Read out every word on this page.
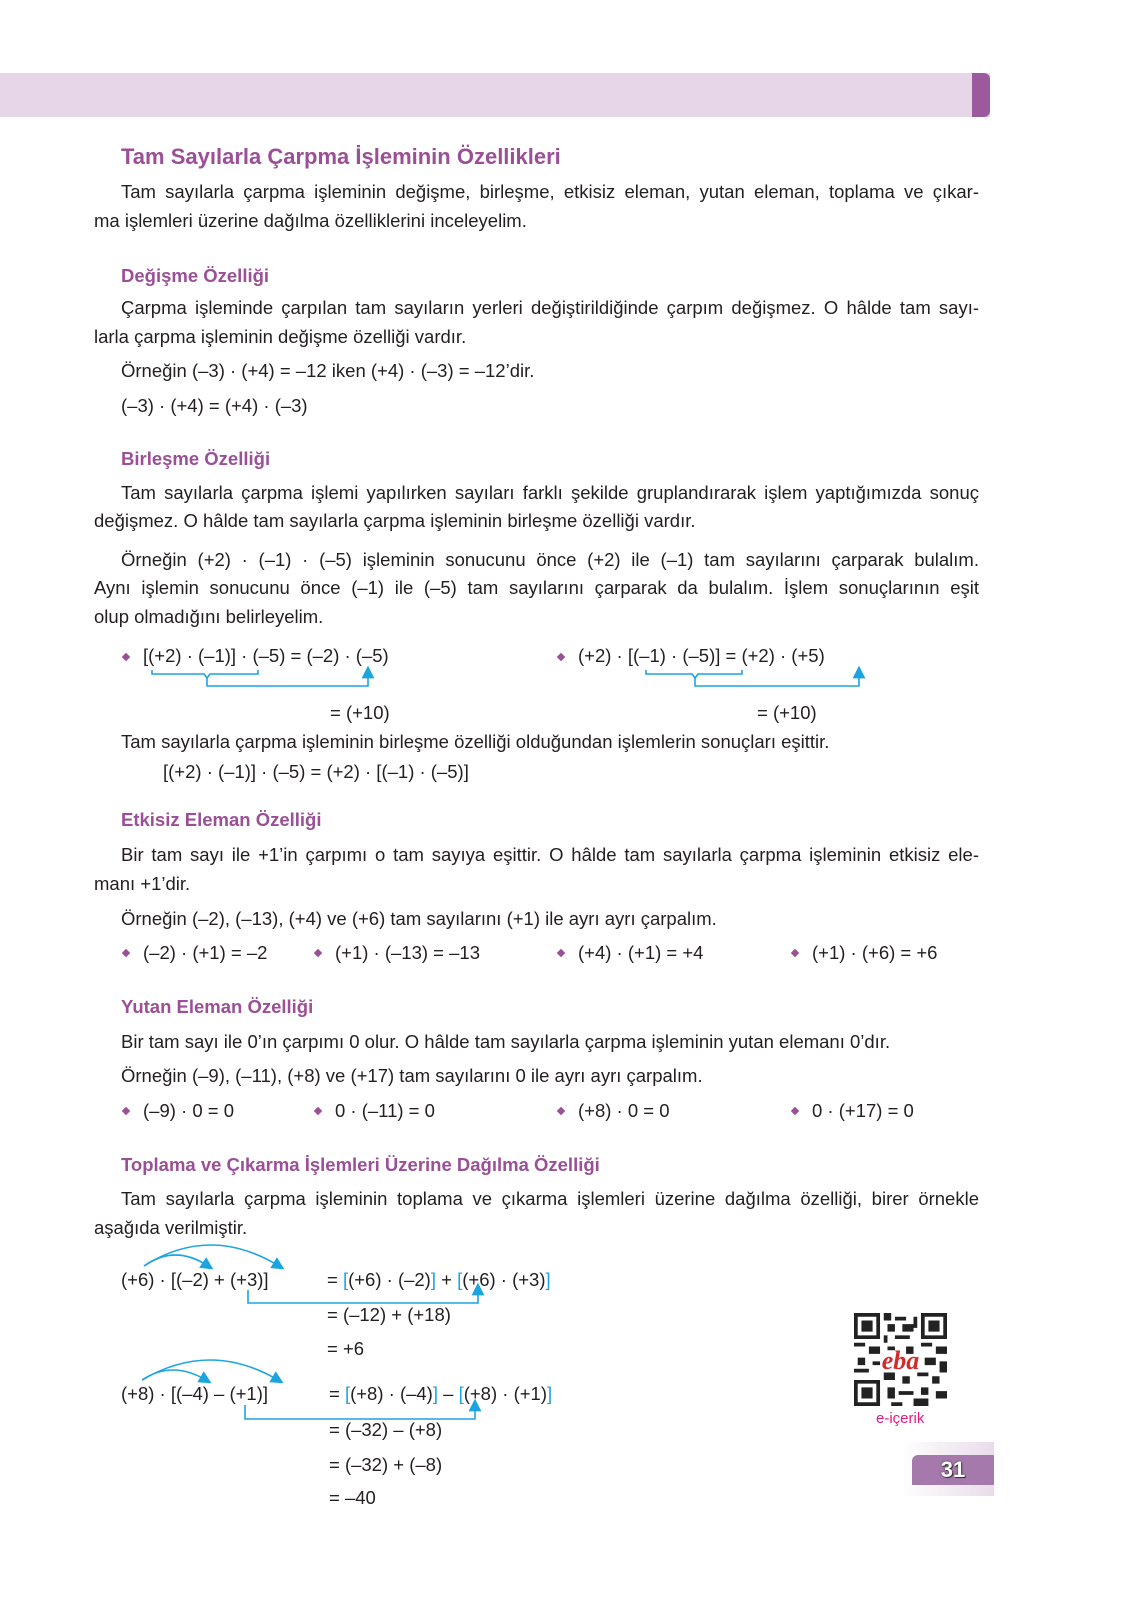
Tam Sayılarla Çarpma İşleminin Özellikleri
Tam sayılarla çarpma işleminin değişme, birleşme, etkisiz eleman, yutan eleman, toplama ve çıkar-
ma işlemleri üzerine dağılma özelliklerini inceleyelim.
Değişme Özelliği
Çarpma işleminde çarpılan tam sayıların yerleri değiştirildiğinde çarpım değişmez. O hâlde tam sayı-
larla çarpma işleminin değişme özelliği vardır.
Örneğin (–3) · (+4) = –12 iken (+4) · (–3) = –12’dir.
(–3) · (+4) = (+4) · (–3)
Birleşme Özelliği
Tam sayılarla çarpma işlemi yapılırken sayıları farklı şekilde gruplandırarak işlem yaptığımızda sonuç
değişmez. O hâlde tam sayılarla çarpma işleminin birleşme özelliği vardır.
Örneğin (+2) · (–1) · (–5) işleminin sonucunu önce (+2) ile (–1) tam sayılarını çarparak bulalım.
Aynı işlemin sonucunu önce (–1) ile (–5) tam sayılarını çarparak da bulalım. İşlem sonuçlarının eşit
olup olmadığını belirleyelim.
[(+2) · (–1)] · (–5) = (–2) · (–5)	(+2) · [(–1) · (–5)] = (+2) · (+5)
= (+10)	= (+10)
Tam sayılarla çarpma işleminin birleşme özelliği olduğundan işlemlerin sonuçları eşittir.
[(+2) · (–1)] · (–5) = (+2) · [(–1) · (–5)]
Etkisiz Eleman Özelliği
Bir tam sayı ile +1’in çarpımı o tam sayıya eşittir. O hâlde tam sayılarla çarpma işleminin etkisiz ele-
manı +1’dir.
Örneğin (–2), (–13), (+4) ve (+6) tam sayılarını (+1) ile ayrı ayrı çarpalım.
(–2) · (+1) = –2	(+1) · (–13) = –13	(+4) · (+1) = +4	(+1) · (+6) = +6
Yutan Eleman Özelliği
Bir tam sayı ile 0’ın çarpımı 0 olur. O hâlde tam sayılarla çarpma işleminin yutan elemanı 0’dır.
Örneğin (–9), (–11), (+8) ve (+17) tam sayılarını 0 ile ayrı ayrı çarpalım.
(–9) · 0 = 0	0 · (–11) = 0	(+8) · 0 = 0	0 · (+17) = 0
Toplama ve Çıkarma İşlemleri Üzerine Dağılma Özelliği
Tam sayılarla çarpma işleminin toplama ve çıkarma işlemleri üzerine dağılma özelliği, birer örnekle
aşağıda verilmiştir.
(+6) · [(–2) + (+3)]	= [(+6) · (–2)] + [(+6) · (+3)]
= (–12) + (+18)
= +6
(+8) · [(–4) – (+1)]	= [(+8) · (–4)] – [(+8) · (+1)]
= (–32) – (+8)
= (–32) + (–8)
= –40
eba
e-içerik
31
